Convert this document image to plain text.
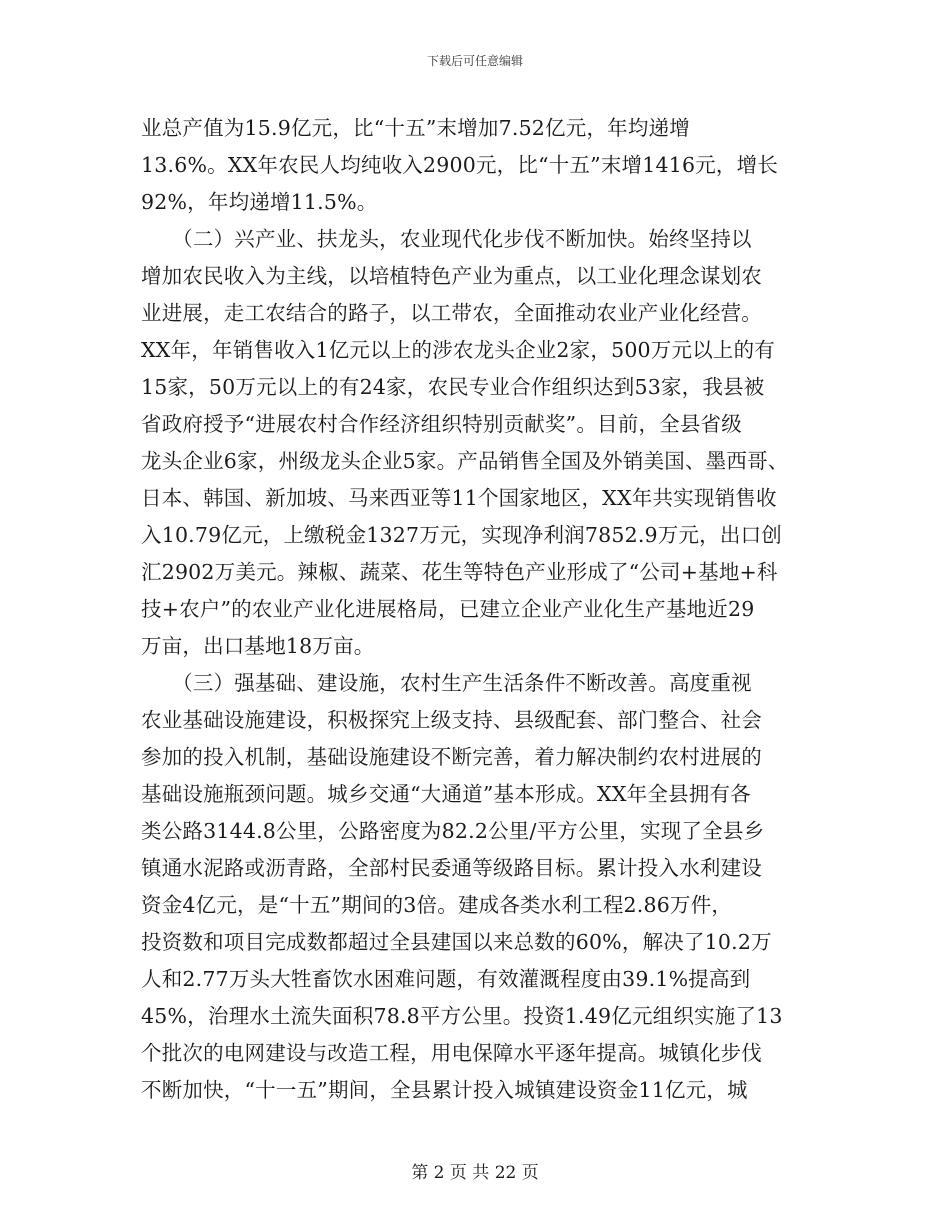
下载后可任意编辑
业总产值为15.9亿元，比“十五”末增加7.52亿元，年均递增
13.6%。XX年农民人均纯收入2900元，比“十五”末增1416元，增长
92%，年均递增11.5%。
　　（二）兴产业、扶龙头，农业现代化步伐不断加快。始终坚持以
增加农民收入为主线，以培植特色产业为重点，以工业化理念谋划农
业进展，走工农结合的路子，以工带农，全面推动农业产业化经营。
XX年，年销售收入1亿元以上的涉农龙头企业2家，500万元以上的有
15家，50万元以上的有24家，农民专业合作组织达到53家，我县被
省政府授予“进展农村合作经济组织特别贡献奖”。目前，全县省级
龙头企业6家，州级龙头企业5家。产品销售全国及外销美国、墨西哥、
日本、韩国、新加坡、马来西亚等11个国家地区，XX年共实现销售收
入10.79亿元，上缴税金1327万元，实现净利润7852.9万元，出口创
汇2902万美元。辣椒、蔬菜、花生等特色产业形成了“公司+基地+科
技+农户”的农业产业化进展格局，已建立企业产业化生产基地近29
万亩，出口基地18万亩。
　　（三）强基础、建设施，农村生产生活条件不断改善。高度重视
农业基础设施建设，积极探究上级支持、县级配套、部门整合、社会
参加的投入机制，基础设施建设不断完善，着力解决制约农村进展的
基础设施瓶颈问题。城乡交通“大通道”基本形成。XX年全县拥有各
类公路3144.8公里，公路密度为82.2公里/平方公里，实现了全县乡
镇通水泥路或沥青路，全部村民委通等级路目标。累计投入水利建设
资金4亿元，是“十五”期间的3倍。建成各类水利工程2.86万件，
投资数和项目完成数都超过全县建国以来总数的60%，解决了10.2万
人和2.77万头大牲畜饮水困难问题，有效灌溉程度由39.1%提高到
45%，治理水土流失面积78.8平方公里。投资1.49亿元组织实施了13
个批次的电网建设与改造工程，用电保障水平逐年提高。城镇化步伐
不断加快，“十一五”期间，全县累计投入城镇建设资金11亿元，城
第 2 页 共 22 页
